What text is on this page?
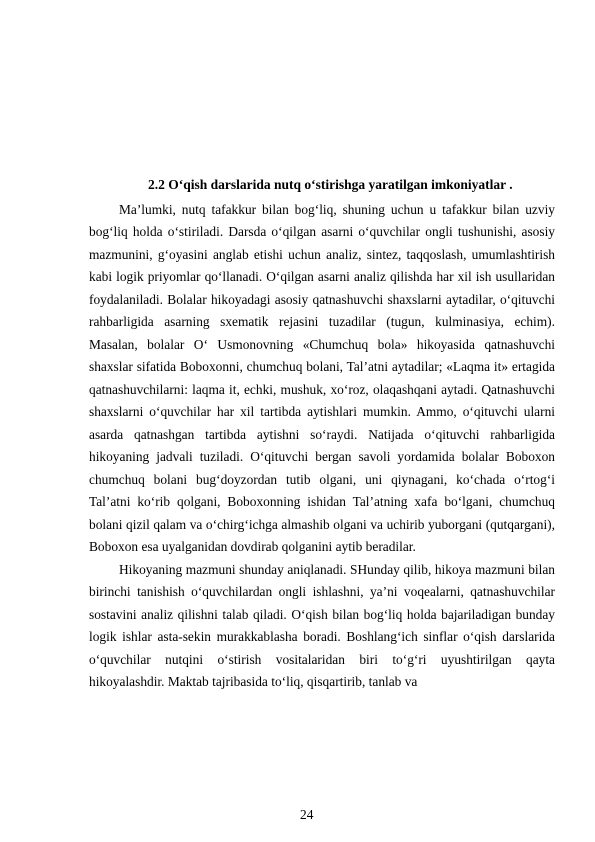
2.2 O‘qish darslarida nutq o‘stirishga yaratilgan imkoniyatlar .

Ma’lumki, nutq tafakkur bilan bog‘liq, shuning uchun u tafakkur bilan uzviy bog‘liq holda o‘stiriladi. Darsda o‘qilgan asarni o‘quvchilar ongli tushunishi, asosiy mazmunini, g‘oyasini anglab etishi uchun analiz, sintez, taqqoslash, umumlashtirish kabi logik priyomlar qo‘llanadi. O‘qilgan asarni analiz qilishda har xil ish usullaridan foydalaniladi. Bolalar hikoyadagi asosiy qatnashuvchi shaxslarni aytadilar, o‘qituvchi rahbarligida asarning sxematik rejasini tuzadilar (tugun, kulminasiya, echim). Masalan, bolalar O‘ Usmonovning «Chumchuq bola» hikoyasida qatnashuvchi shaxslar sifatida Boboxonni, chumchuq bolani, Tal’atni aytadilar; «Laqma it» ertagida qatnashuvchilarni: laqma it, echki, mushuk, xo‘roz, olaqashqani aytadi. Qatnashuvchi shaxslarni o‘quvchilar har xil tartibda aytishlari mumkin. Ammo, o‘qituvchi ularni asarda qatnashgan tartibda aytishni so‘raydi. Natijada o‘qituvchi rahbarligida hikoyaning jadvali tuziladi. O‘qituvchi bergan savoli yordamida bolalar Boboxon chumchuq bolani bug‘doyzordan tutib olgani, uni qiynagani, ko‘chada o‘rtog‘i Tal’atni ko‘rib qolgani, Boboxonning ishidan Tal’atning xafa bo‘lgani, chumchuq bolani qizil qalam va o‘chirg‘ichga almashib olgani va uchirib yuborgani (qutqargani), Boboxon esa uyalganidan dovdirab qolganini aytib beradilar.

Hikoyaning mazmuni shunday aniqlanadi. SHunday qilib, hikoya mazmuni bilan birinchi tanishish o‘quvchilardan ongli ishlashni, ya’ni voqealarni, qatnashuvchilar sostavini analiz qilishni talab qiladi. O‘qish bilan bog‘liq holda bajariladigan bunday logik ishlar asta-sekin murakkablasha boradi. Boshlang‘ich sinflar o‘qish darslarida o‘quvchilar nutqini o‘stirish vositalaridan biri to‘g‘ri uyushtirilgan qayta hikoyalashdir. Maktab tajribasida to‘liq, qisqartirib, tanlab va

24
